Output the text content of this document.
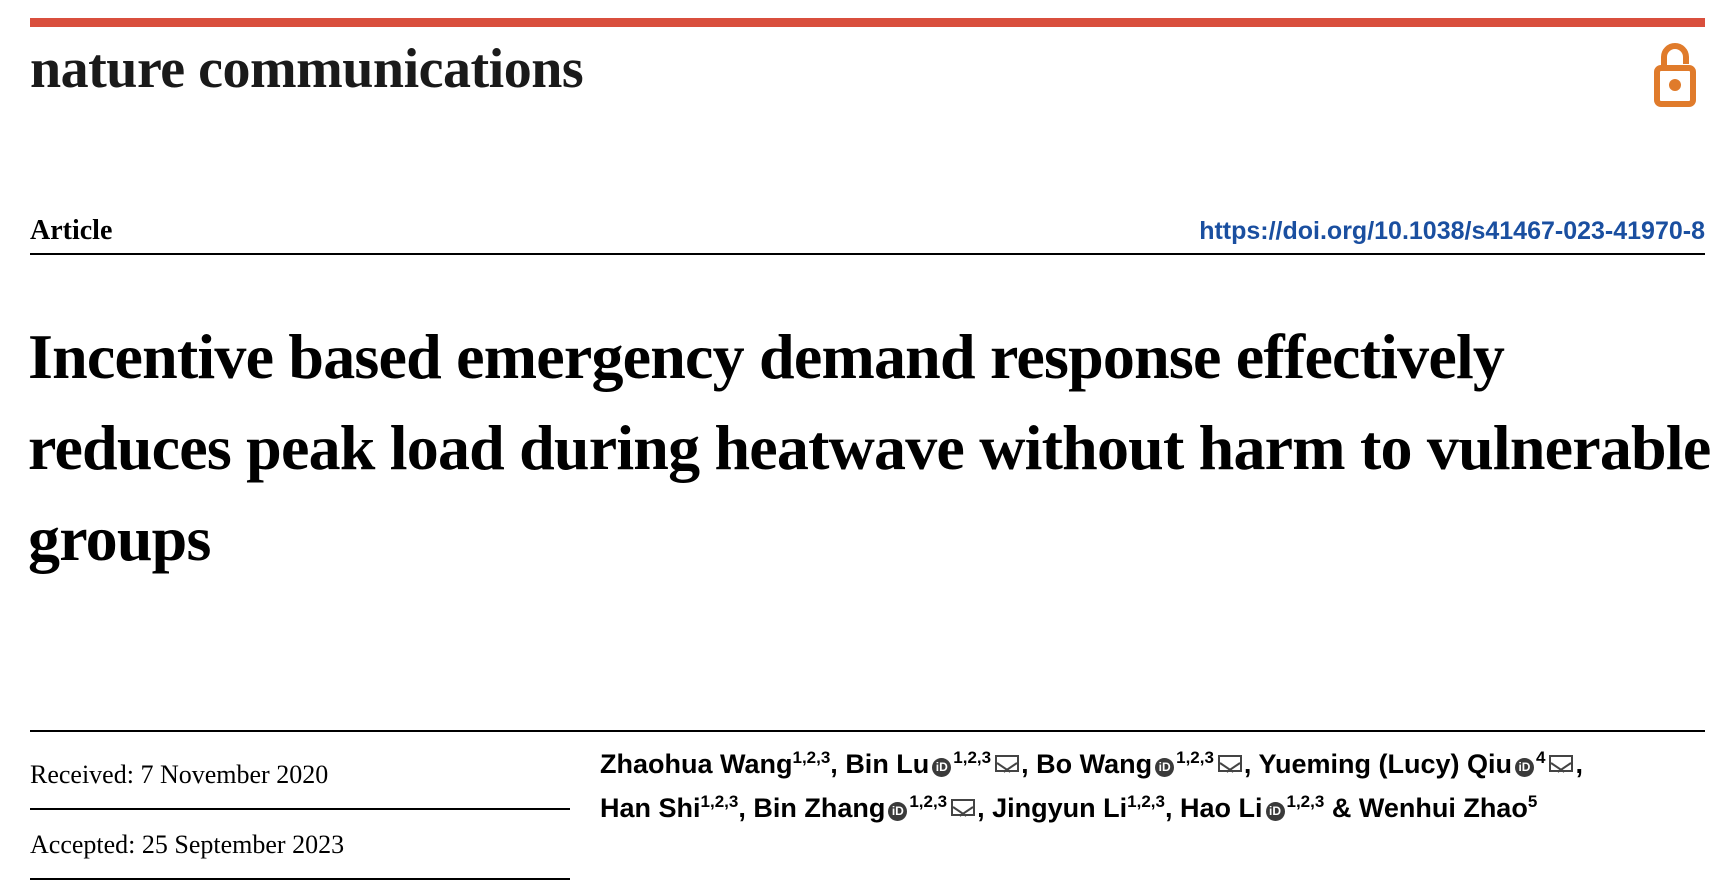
nature communications
Article	https://doi.org/10.1038/s41467-023-41970-8
Incentive based emergency demand response effectively reduces peak load during heatwave without harm to vulnerable groups
Received: 7 November 2020
Accepted: 25 September 2023
Zhaohua Wang$^{1,2,3}$, Bin Lu iD $^{1,2,3}$ , Bo Wang iD $^{1,2,3}$ , Yueming (Lucy) Qiu iD $^4$ ,
Han Shi$^{1,2,3}$, Bin Zhang iD $^{1,2,3}$ , Jingyun Li$^{1,2,3}$, Hao Li iD $^{1,2,3}$ & Wenhui Zhao$^5$
